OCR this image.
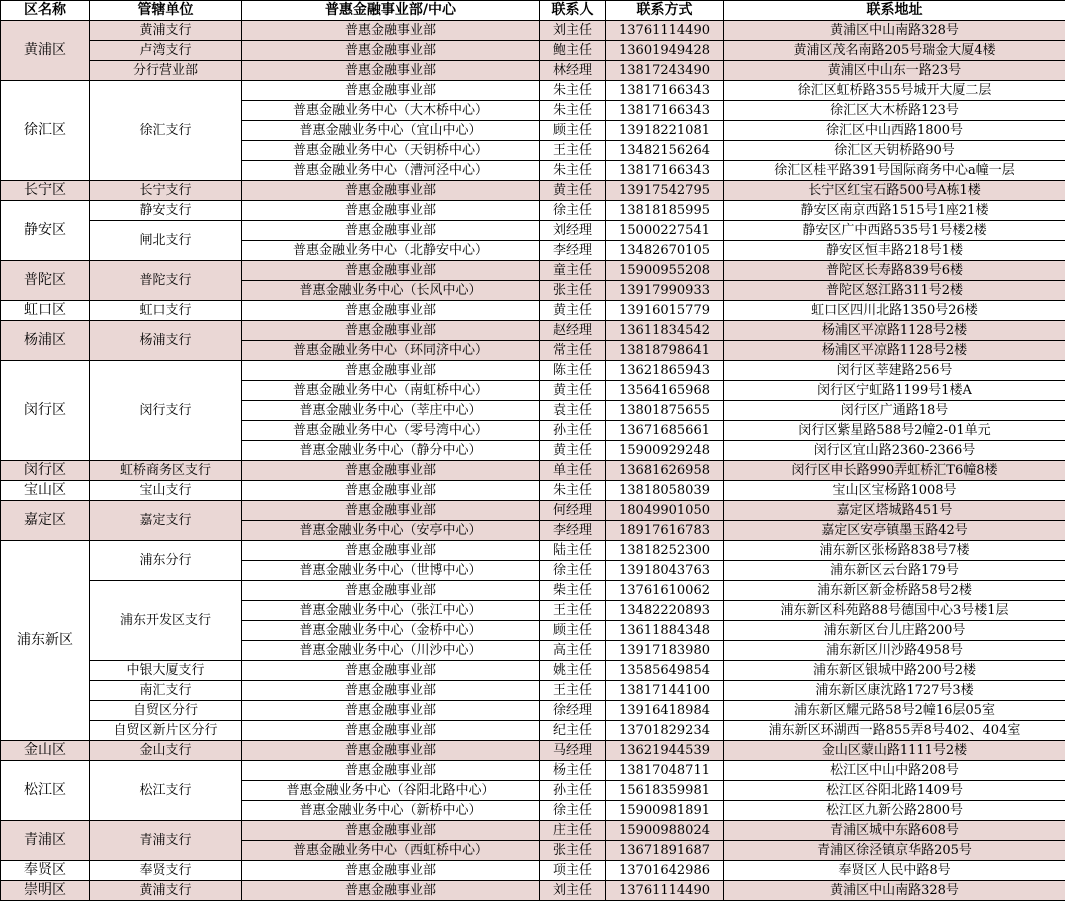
区名称	管辖单位	普惠金融事业部/中心	联系人	联系方式	联系地址
黄浦区	黄浦支行	普惠金融事业部	刘主任	13761114490	黄浦区中山南路328号
	卢湾支行	普惠金融事业部	鲍主任	13601949428	黄浦区茂名南路205号瑞金大厦4楼
	分行营业部	普惠金融事业部	林经理	13817243490	黄浦区中山东一路23号
徐汇区	徐汇支行	普惠金融事业部	朱主任	13817166343	徐汇区虹桥路355号城开大厦二层
		普惠金融业务中心（大木桥中心）	朱主任	13817166343	徐汇区大木桥路123号
		普惠金融业务中心（宜山中心）	顾主任	13918221081	徐汇区中山西路1800号
		普惠金融业务中心（天钥桥中心）	王主任	13482156264	徐汇区天钥桥路90号
		普惠金融业务中心（漕河泾中心）	朱主任	13817166343	徐汇区桂平路391号国际商务中心a幢一层
长宁区	长宁支行	普惠金融事业部	黄主任	13917542795	长宁区红宝石路500号A栋1楼
静安区	静安支行	普惠金融事业部	徐主任	13818185995	静安区南京西路1515号1座21楼
	闸北支行	普惠金融事业部	刘经理	15000227541	静安区广中西路535号1号楼2楼
		普惠金融业务中心（北静安中心）	李经理	13482670105	静安区恒丰路218号1楼
普陀区	普陀支行	普惠金融事业部	童主任	15900955208	普陀区长寿路839号6楼
		普惠金融业务中心（长风中心）	张主任	13917990933	普陀区怒江路311号2楼
虹口区	虹口支行	普惠金融事业部	黄主任	13916015779	虹口区四川北路1350号26楼
杨浦区	杨浦支行	普惠金融事业部	赵经理	13611834542	杨浦区平凉路1128号2楼
		普惠金融业务中心（环同济中心）	常主任	13818798641	杨浦区平凉路1128号2楼
闵行区	闵行支行	普惠金融事业部	陈主任	13621865943	闵行区莘建路256号
		普惠金融业务中心（南虹桥中心）	黄主任	13564165968	闵行区宁虹路1199号1楼A
		普惠金融业务中心（莘庄中心）	袁主任	13801875655	闵行区广通路18号
		普惠金融业务中心（零号湾中心）	孙主任	13671685661	闵行区紫星路588号2幢2-01单元
		普惠金融业务中心（静分中心）	黄主任	15900929248	闵行区宜山路2360-2366号
闵行区	虹桥商务区支行	普惠金融事业部	单主任	13681626958	闵行区申长路990弄虹桥汇T6幢8楼
宝山区	宝山支行	普惠金融事业部	朱主任	13818058039	宝山区宝杨路1008号
嘉定区	嘉定支行	普惠金融事业部	何经理	18049901050	嘉定区塔城路451号
		普惠金融业务中心（安亭中心）	李经理	18917616783	嘉定区安亭镇墨玉路42号
浦东新区	浦东分行	普惠金融事业部	陆主任	13818252300	浦东新区张杨路838号7楼
		普惠金融业务中心（世博中心）	徐主任	13918043763	浦东新区云台路179号
	浦东开发区支行	普惠金融事业部	柴主任	13761610062	浦东新区新金桥路58号2楼
		普惠金融业务中心（张江中心）	王主任	13482220893	浦东新区科苑路88号德国中心3号楼1层
		普惠金融业务中心（金桥中心）	顾主任	13611884348	浦东新区台儿庄路200号
		普惠金融业务中心（川沙中心）	高主任	13917183980	浦东新区川沙路4958号
	中银大厦支行	普惠金融事业部	姚主任	13585649854	浦东新区银城中路200号2楼
	南汇支行	普惠金融事业部	王主任	13817144100	浦东新区康沈路1727号3楼
	自贸区分行	普惠金融事业部	徐经理	13916418984	浦东新区耀元路58号2幢16层05室
	自贸区新片区分行	普惠金融事业部	纪主任	13701829234	浦东新区环湖西一路855弄8号402、404室
金山区	金山支行	普惠金融事业部	马经理	13621944539	金山区蒙山路1111号2楼
松江区	松江支行	普惠金融事业部	杨主任	13817048711	松江区中山中路208号
		普惠金融业务中心（谷阳北路中心）	孙主任	15618359981	松江区谷阳北路1409号
		普惠金融业务中心（新桥中心）	徐主任	15900981891	松江区九新公路2800号
青浦区	青浦支行	普惠金融事业部	庄主任	15900988024	青浦区城中东路608号
		普惠金融业务中心（西虹桥中心）	张主任	13671891687	青浦区徐泾镇京华路205号
奉贤区	奉贤支行	普惠金融事业部	项主任	13701642986	奉贤区人民中路8号
崇明区	黄浦支行	普惠金融事业部	刘主任	13761114490	黄浦区中山南路328号
